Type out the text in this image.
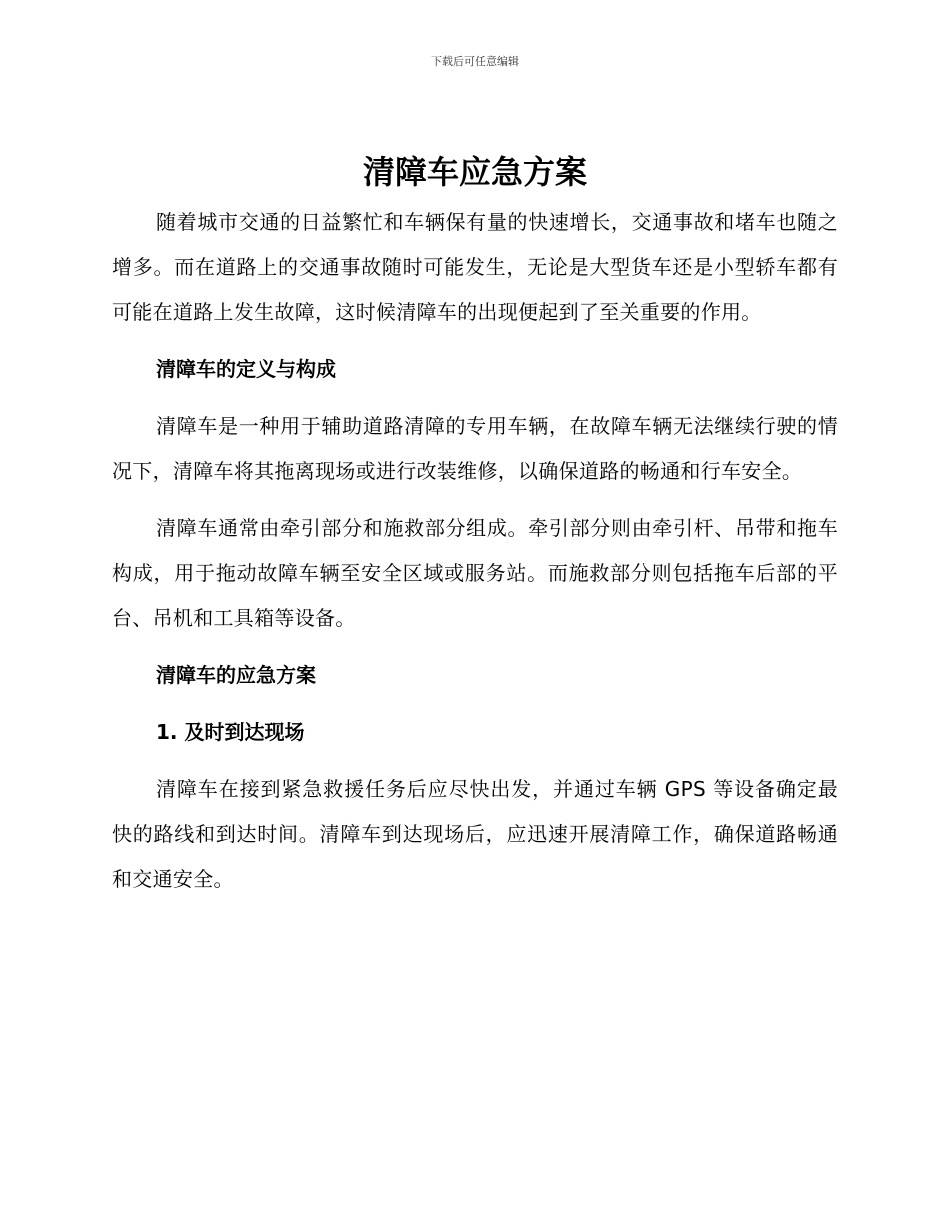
下载后可任意编辑
清障车应急方案

随着城市交通的日益繁忙和车辆保有量的快速增长，交通事故和堵车也随之增多。而在道路上的交通事故随时可能发生，无论是大型货车还是小型轿车都有可能在道路上发生故障，这时候清障车的出现便起到了至关重要的作用。

清障车的定义与构成

清障车是一种用于辅助道路清障的专用车辆，在故障车辆无法继续行驶的情况下，清障车将其拖离现场或进行改装维修，以确保道路的畅通和行车安全。

清障车通常由牵引部分和施救部分组成。牵引部分则由牵引杆、吊带和拖车构成，用于拖动故障车辆至安全区域或服务站。而施救部分则包括拖车后部的平台、吊机和工具箱等设备。

清障车的应急方案

1. 及时到达现场

清障车在接到紧急救援任务后应尽快出发，并通过车辆 GPS 等设备确定最快的路线和到达时间。清障车到达现场后，应迅速开展清障工作，确保道路畅通和交通安全。
